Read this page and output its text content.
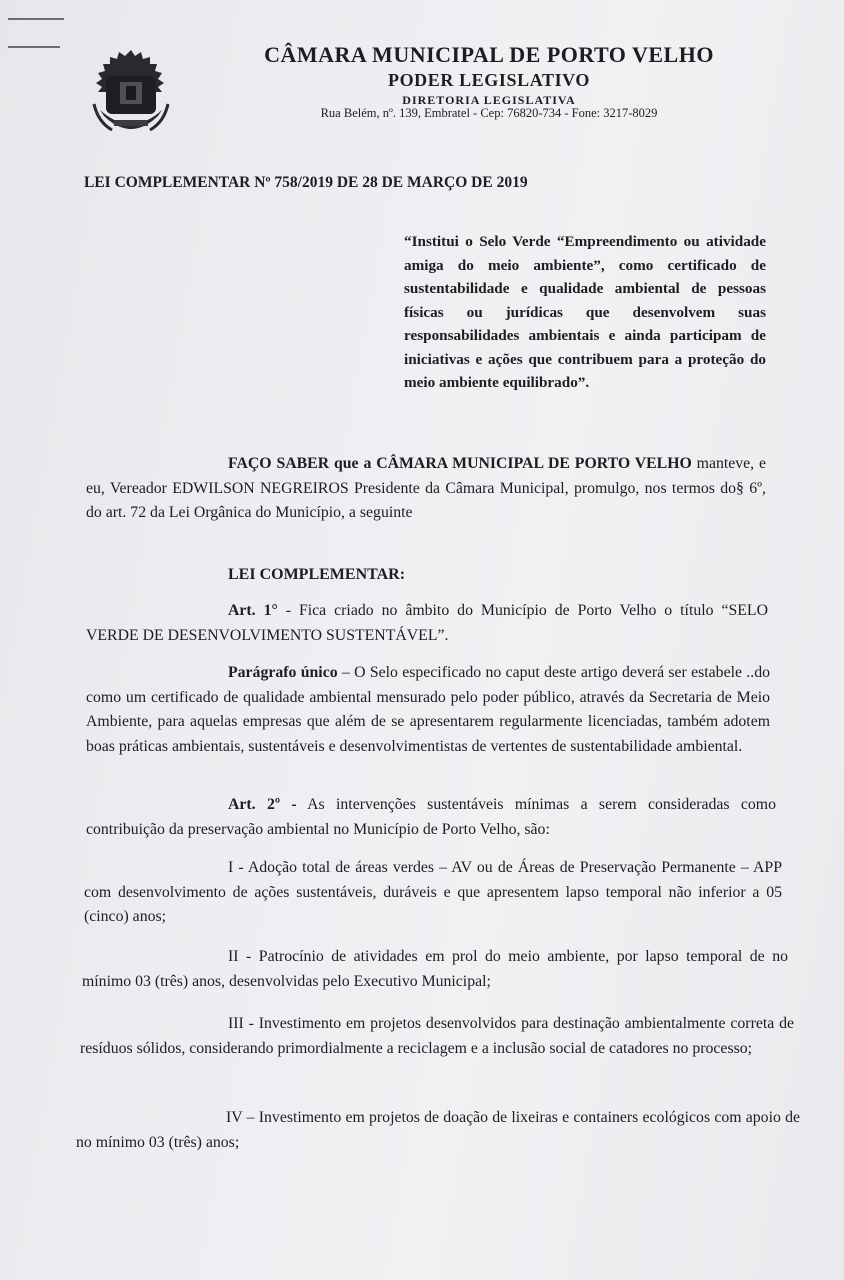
CÂMARA MUNICIPAL DE PORTO VELHO
PODER LEGISLATIVO
DIRETORIA LEGISLATIVA
Rua Belém, nº. 139, Embratel - Cep: 76820-734 - Fone: 3217-8029
LEI COMPLEMENTAR Nº 758/2019 DE 28 DE MARÇO DE 2019
“Institui o Selo Verde “Empreendimento ou atividade amiga do meio ambiente”, como certificado de sustentabilidade e qualidade ambiental de pessoas físicas ou jurídicas que desenvolvem suas responsabilidades ambientais e ainda participam de iniciativas e ações que contribuem para a proteção do meio ambiente equilibrado”.
FAÇO SABER que a CÂMARA MUNICIPAL DE PORTO VELHO manteve, e eu, Vereador EDWILSON NEGREIROS Presidente da Câmara Municipal, promulgo, nos termos do§ 6º, do art. 72 da Lei Orgânica do Município, a seguinte
LEI COMPLEMENTAR:
Art. 1° - Fica criado no âmbito do Município de Porto Velho o título “SELO VERDE DE DESENVOLVIMENTO SUSTENTÁVEL”.
Parágrafo único – O Selo especificado no caput deste artigo deverá ser estabele ..do como um certificado de qualidade ambiental mensurado pelo poder público, através da Secretaria de Meio Ambiente, para aquelas empresas que além de se apresentarem regularmente licenciadas, também adotem boas práticas ambientais, sustentáveis e desenvolvimentistas de vertentes de sustentabilidade ambiental.
Art. 2º - As intervenções sustentáveis mínimas a serem consideradas como contribuição da preservação ambiental no Município de Porto Velho, são:
I - Adoção total de áreas verdes – AV ou de Áreas de Preservação Permanente – APP com desenvolvimento de ações sustentáveis, duráveis e que apresentem lapso temporal não inferior a 05 (cinco) anos;
II - Patrocínio de atividades em prol do meio ambiente, por lapso temporal de no mínimo 03 (três) anos, desenvolvidas pelo Executivo Municipal;
III - Investimento em projetos desenvolvidos para destinação ambientalmente correta de resíduos sólidos, considerando primordialmente a reciclagem e a inclusão social de catadores no processo;
IV – Investimento em projetos de doação de lixeiras e containers ecológicos com apoio de no mínimo 03 (três) anos;
